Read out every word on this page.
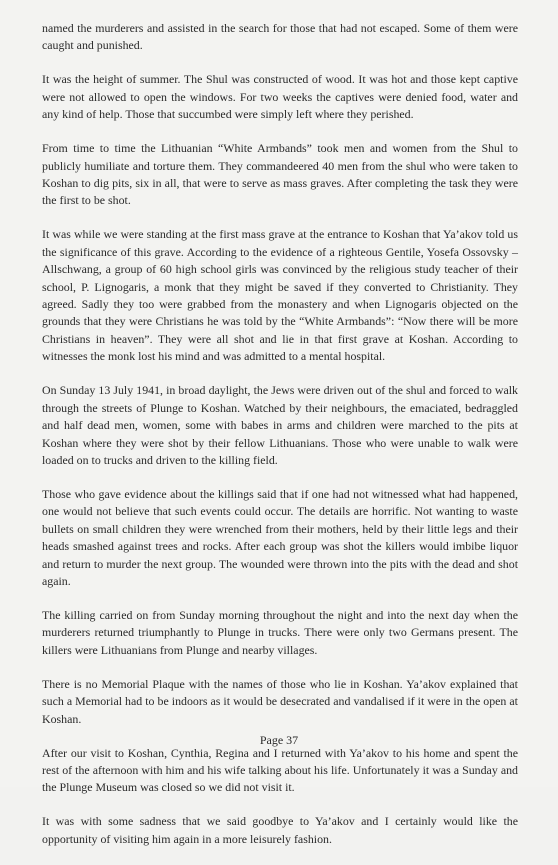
named the murderers and assisted in the search for those that had not escaped. Some of them were caught and punished.

It was the height of summer. The Shul was constructed of wood. It was hot and those kept captive were not allowed to open the windows. For two weeks the captives were denied food, water and any kind of help. Those that succumbed were simply left where they perished.

From time to time the Lithuanian “White Armbands” took men and women from the Shul to publicly humiliate and torture them. They commandeered 40 men from the shul who were taken to Koshan to dig pits, six in all, that were to serve as mass graves. After completing the task they were the first to be shot.

It was while we were standing at the first mass grave at the entrance to Koshan that Ya’akov told us the significance of this grave. According to the evidence of a righteous Gentile, Yosefa Ossovsky – Allschwang, a group of 60 high school girls was convinced by the religious study teacher of their school, P. Lignogaris, a monk that they might be saved if they converted to Christianity. They agreed. Sadly they too were grabbed from the monastery and when Lignogaris objected on the grounds that they were Christians he was told by the “White Armbands”: “Now there will be more Christians in heaven”. They were all shot and lie in that first grave at Koshan. According to witnesses the monk lost his mind and was admitted to a mental hospital.

On Sunday 13 July 1941, in broad daylight, the Jews were driven out of the shul and forced to walk through the streets of Plunge to Koshan. Watched by their neighbours, the emaciated, bedraggled and half dead men, women, some with babes in arms and children were marched to the pits at Koshan where they were shot by their fellow Lithuanians. Those who were unable to walk were loaded on to trucks and driven to the killing field.

Those who gave evidence about the killings said that if one had not witnessed what had happened, one would not believe that such events could occur. The details are horrific. Not wanting to waste bullets on small children they were wrenched from their mothers, held by their little legs and their heads smashed against trees and rocks. After each group was shot the killers would imbibe liquor and return to murder the next group. The wounded were thrown into the pits with the dead and shot again.

The killing carried on from Sunday morning throughout the night and into the next day when the murderers returned triumphantly to Plunge in trucks. There were only two Germans present. The killers were Lithuanians from Plunge and nearby villages.

There is no Memorial Plaque with the names of those who lie in Koshan. Ya’akov explained that such a Memorial had to be indoors as it would be desecrated and vandalised if it were in the open at Koshan.

After our visit to Koshan, Cynthia, Regina and I returned with Ya’akov to his home and spent the rest of the afternoon with him and his wife talking about his life. Unfortunately it was a Sunday and the Plunge Museum was closed so we did not visit it.

It was with some sadness that we said goodbye to Ya’akov and I certainly would like the opportunity of visiting him again in a more leisurely fashion.

Page 37
